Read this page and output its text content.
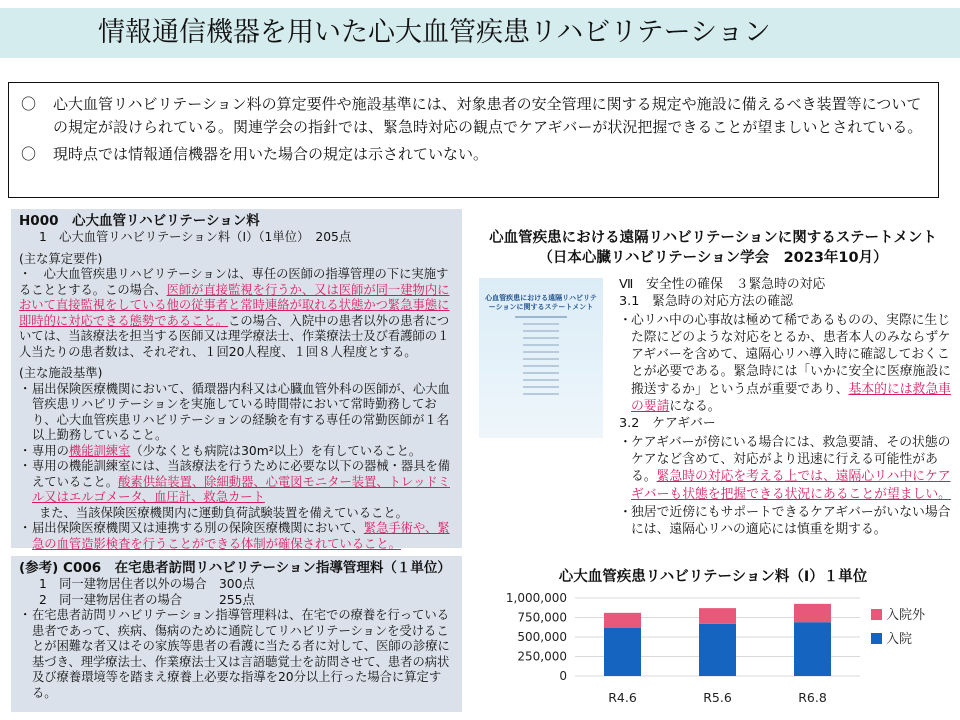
情報通信機器を用いた心大血管疾患リハビリテーション
〇	心大血管リハビリテーション料の算定要件や施設基準には、対象患者の安全管理に関する規定や施設に備えるべき装置等についての規定が設けられている。関連学会の指針では、緊急時対応の観点でケアギバーが状況把握できることが望ましいとされている。
〇	現時点では情報通信機器を用いた場合の規定は示されていない。
H000　心大血管リハビリテーション料
1　心大血管リハビリテーション料（Ⅰ）（1単位）　205点
(主な算定要件)
・　心大血管疾患リハビリテーションは、専任の医師の指導管理の下に実施することとする。この場合、医師が直接監視を行うか、又は医師が同一建物内において直接監視をしている他の従事者と常時連絡が取れる状態かつ緊急事態に即時的に対応できる態勢であること。この場合、入院中の患者以外の患者については、当該療法を担当する医師又は理学療法士、作業療法士及び看護師の１人当たりの患者数は、それぞれ、１回20人程度、１回８人程度とする。
(主な施設基準)
・ 届出保険医療機関において、循環器内科又は心臓血管外科の医師が、心大血管疾患リハビリテーションを実施している時間帯において常時勤務しており、心大血管疾患リハビリテーションの経験を有する専任の常勤医師が１名以上勤務していること。
・ 専用の機能訓練室（少なくとも病院は30m²以上）を有していること。
・ 専用の機能訓練室には、当該療法を行うために必要な以下の器械・器具を備えていること。酸素供給装置、除細動器、心電図モニター装置、トレッドミル又はエルゴメータ、血圧計、救急カート
また、当該保険医療機関内に運動負荷試験装置を備えていること。
・ 届出保険医療機関又は連携する別の保険医療機関において、緊急手術や、緊急の血管造影検査を行うことができる体制が確保されていること。
(参考) C006　在宅患者訪問リハビリテーション指導管理料（１単位）
1　同一建物居住者以外の場合　300点
2　同一建物居住者の場合　　　255点
・ 在宅患者訪問リハビリテーション指導管理料は、在宅での療養を行っている患者であって、疾病、傷病のために通院してリハビリテーションを受けることが困難な者又はその家族等患者の看護に当たる者に対して、医師の診療に基づき、理学療法士、作業療法士又は言語聴覚士を訪問させて、患者の病状及び療養環境等を踏まえ療養上必要な指導を20分以上行った場合に算定する。
心血管疾患における遠隔リハビリテーションに関するステートメント
（日本心臓リハビリテーション学会　2023年10月）
心血管疾患における遠隔リハビリテーションに関するステートメント
Ⅶ　安全性の確保　３緊急時の対応
3.1　緊急時の対応方法の確認
・ 心リハ中の心事故は極めて稀であるものの、実際に生じた際にどのような対応をとるか、患者本人のみならずケアギバーを含めて、遠隔心リハ導入時に確認しておくことが必要である。緊急時には「いかに安全に医療施設に搬送するか」という点が重要であり、基本的には救急車の要請になる。
3.2　ケアギバー
・ ケアギバーが傍にいる場合には、救急要請、その状態のケアなど含めて、対応がより迅速に行える可能性がある。緊急時の対応を考える上では、遠隔心リハ中にケアギバーも状態を把握できる状況にあることが望ましい。
・ 独居で近傍にもサポートできるケアギバーがいない場合には、遠隔心リハの適応には慎重を期する。
心大血管疾患リハビリテーション料（Ⅰ）１単位
0
250,000
500,000
750,000
1,000,000
R4.6	R5.6	R6.8
入院外
入院
